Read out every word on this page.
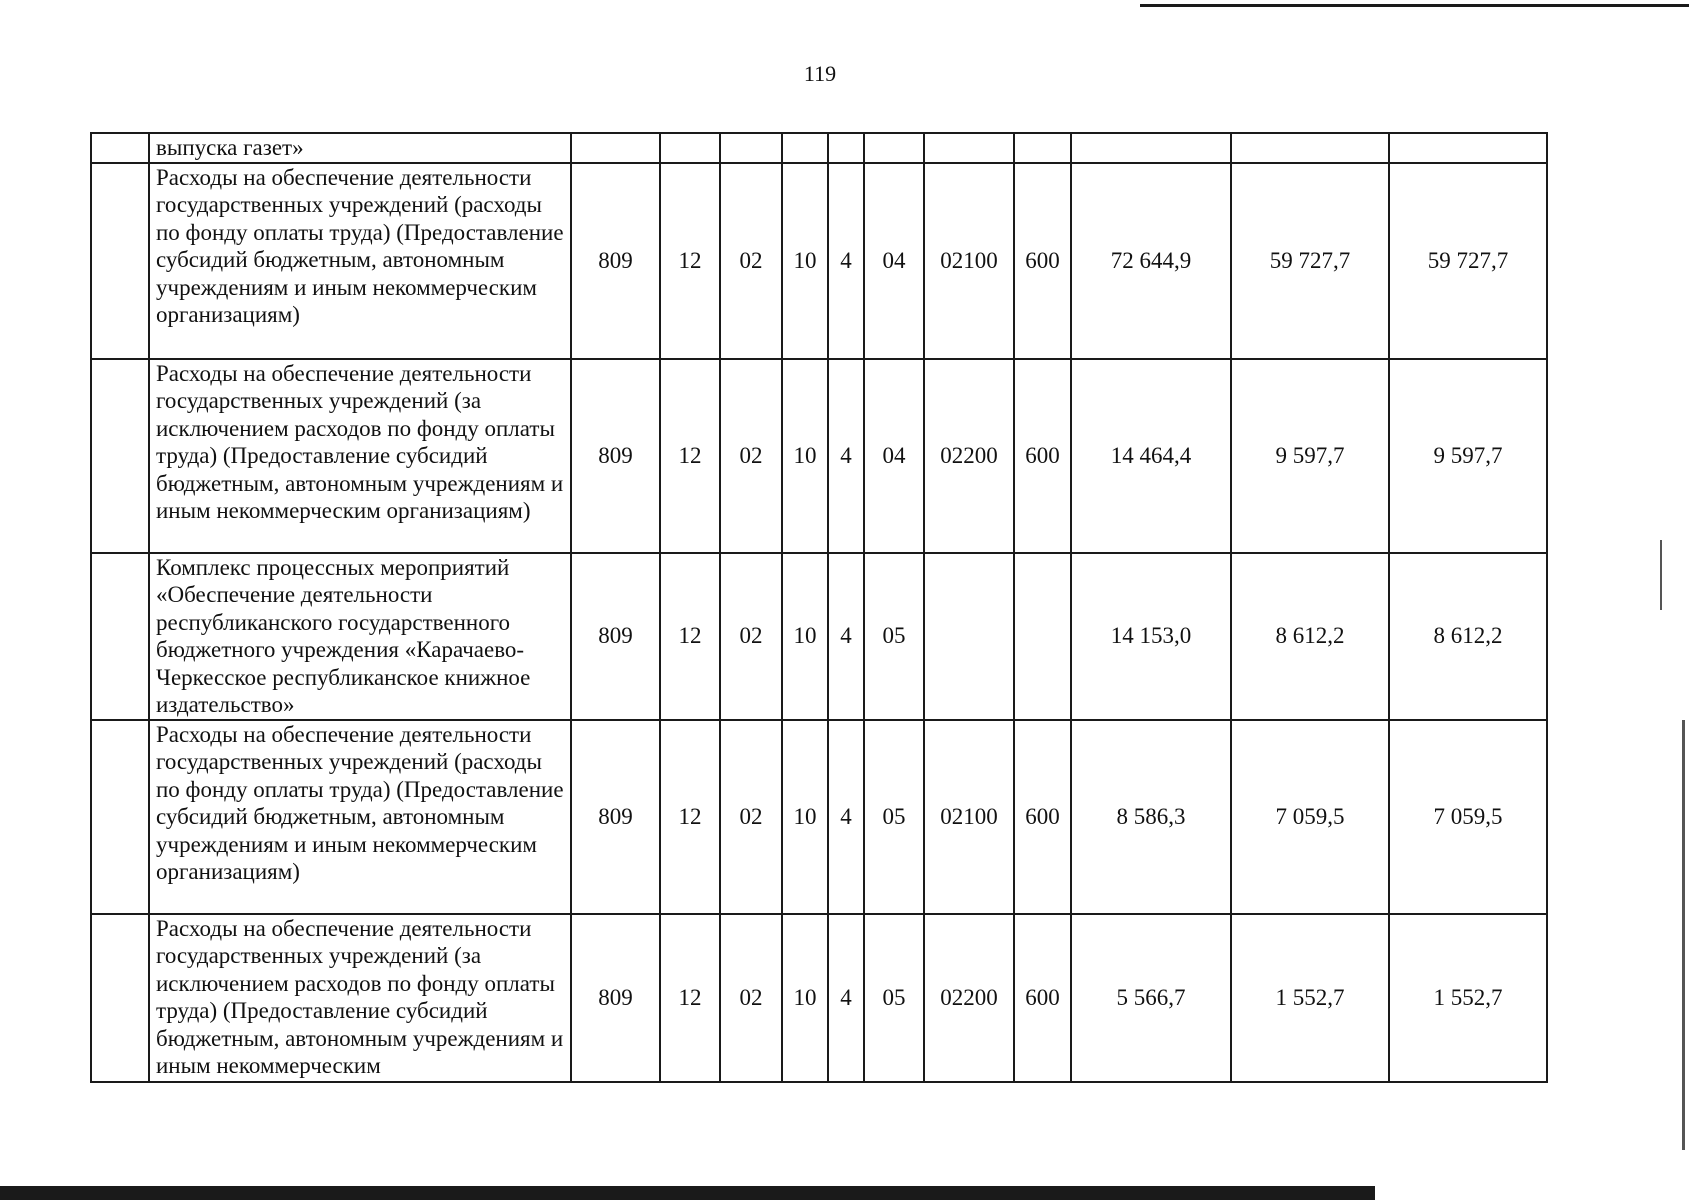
119
	выпуска газет»											
	Расходы на обеспечение деятельности государственных учреждений (расходы по фонду оплаты труда) (Предоставление субсидий бюджетным, автономным учреждениям и иным некоммерческим организациям)	809	12	02	10	4	04	02100	600	72 644,9	59 727,7	59 727,7
	Расходы на обеспечение деятельности государственных учреждений (за исключением расходов по фонду оплаты труда) (Предоставление субсидий бюджетным, автономным учреждениям и иным некоммерческим организациям)	809	12	02	10	4	04	02200	600	14 464,4	9 597,7	9 597,7
	Комплекс процессных мероприятий «Обеспечение деятельности республиканского государственного бюджетного учреждения «Карачаево-Черкесское республиканское книжное издательство»	809	12	02	10	4	05			14 153,0	8 612,2	8 612,2
	Расходы на обеспечение деятельности государственных учреждений (расходы по фонду оплаты труда) (Предоставление субсидий бюджетным, автономным учреждениям и иным некоммерческим организациям)	809	12	02	10	4	05	02100	600	8 586,3	7 059,5	7 059,5
	Расходы на обеспечение деятельности государственных учреждений (за исключением расходов по фонду оплаты труда) (Предоставление субсидий бюджетным, автономным учреждениям и иным некоммерческим	809	12	02	10	4	05	02200	600	5 566,7	1 552,7	1 552,7
